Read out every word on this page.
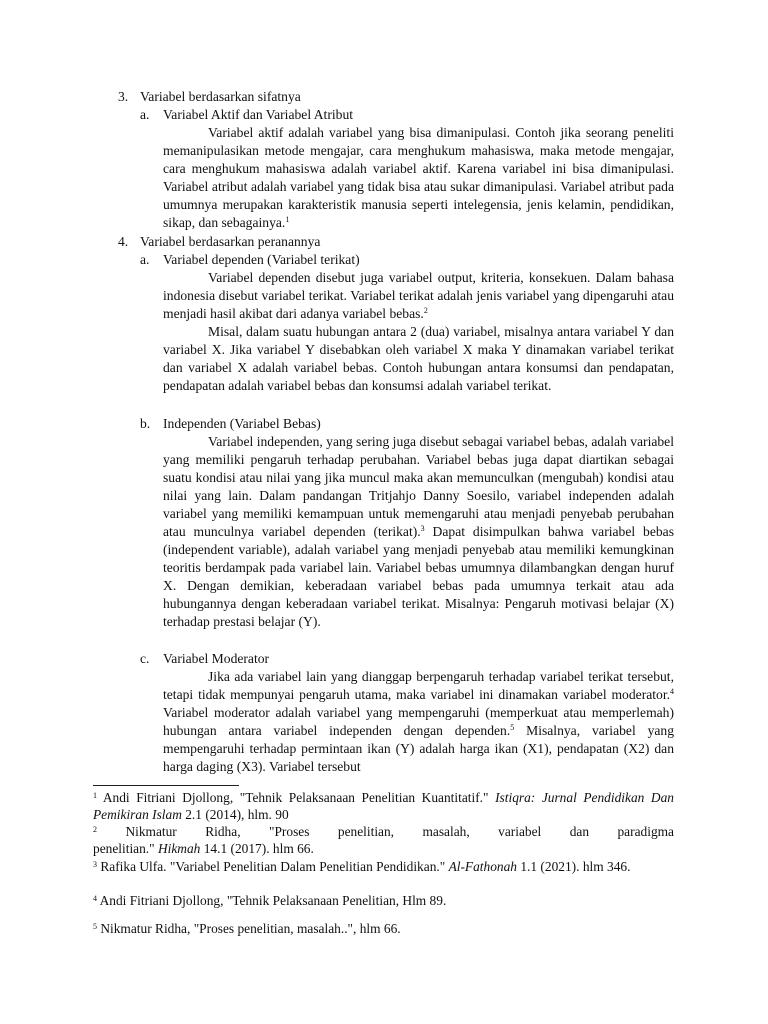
3. Variabel berdasarkan sifatnya
a. Variabel Aktif dan Variabel Atribut

Variabel aktif adalah variabel yang bisa dimanipulasi. Contoh jika seorang peneliti memanipulasikan metode mengajar, cara menghukum mahasiswa, maka metode mengajar, cara menghukum mahasiswa adalah variabel aktif. Karena variabel ini bisa dimanipulasi. Variabel atribut adalah variabel yang tidak bisa atau sukar dimanipulasi. Variabel atribut pada umumnya merupakan karakteristik manusia seperti intelegensia, jenis kelamin, pendidikan, sikap, dan sebagainya.$^1$

4. Variabel berdasarkan peranannya
a. Variabel dependen (Variabel terikat)

Variabel dependen disebut juga variabel output, kriteria, konsekuen. Dalam bahasa indonesia disebut variabel terikat. Variabel terikat adalah jenis variabel yang dipengaruhi atau menjadi hasil akibat dari adanya variabel bebas.$^2$

Misal, dalam suatu hubungan antara 2 (dua) variabel, misalnya antara variabel Y dan variabel X. Jika variabel Y disebabkan oleh variabel X maka Y dinamakan variabel terikat dan variabel X adalah variabel bebas. Contoh hubungan antara konsumsi dan pendapatan, pendapatan adalah variabel bebas dan konsumsi adalah variabel terikat.

b. Independen (Variabel Bebas)

Variabel independen, yang sering juga disebut sebagai variabel bebas, adalah variabel yang memiliki pengaruh terhadap perubahan. Variabel bebas juga dapat diartikan sebagai suatu kondisi atau nilai yang jika muncul maka akan memunculkan (mengubah) kondisi atau nilai yang lain. Dalam pandangan Tritjahjo Danny Soesilo, variabel independen adalah variabel yang memiliki kemampuan untuk memengaruhi atau menjadi penyebab perubahan atau munculnya variabel dependen (terikat).$^3$ Dapat disimpulkan bahwa variabel bebas (independent variable), adalah variabel yang menjadi penyebab atau memiliki kemungkinan teoritis berdampak pada variabel lain. Variabel bebas umumnya dilambangkan dengan huruf X. Dengan demikian, keberadaan variabel bebas pada umumnya terkait atau ada hubungannya dengan keberadaan variabel terikat. Misalnya: Pengaruh motivasi belajar (X) terhadap prestasi belajar (Y).

c. Variabel Moderator

Jika ada variabel lain yang dianggap berpengaruh terhadap variabel terikat tersebut, tetapi tidak mempunyai pengaruh utama, maka variabel ini dinamakan variabel moderator.$^4$ Variabel moderator adalah variabel yang mempengaruhi (memperkuat atau memperlemah) hubungan antara variabel independen dengan dependen.$^5$ Misalnya, variabel yang mempengaruhi terhadap permintaan ikan (Y) adalah harga ikan (X1), pendapatan (X2) dan harga daging (X3). Variabel tersebut

$^1$ Andi Fitriani Djollong, "Tehnik Pelaksanaan Penelitian Kuantitatif." Istiqra: Jurnal Pendidikan Dan Pemikiran Islam 2.1 (2014), hlm. 90

$^2$ Nikmatur Ridha, "Proses penelitian, masalah, variabel dan paradigma

penelitian." Hikmah 14.1 (2017). hlm 66.

$^3$ Rafika Ulfa. "Variabel Penelitian Dalam Penelitian Pendidikan." Al-Fathonah 1.1 (2021). hlm 346.

$^4$ Andi Fitriani Djollong, "Tehnik Pelaksanaan Penelitian, Hlm 89.

$^5$ Nikmatur Ridha, "Proses penelitian, masalah..", hlm 66.
